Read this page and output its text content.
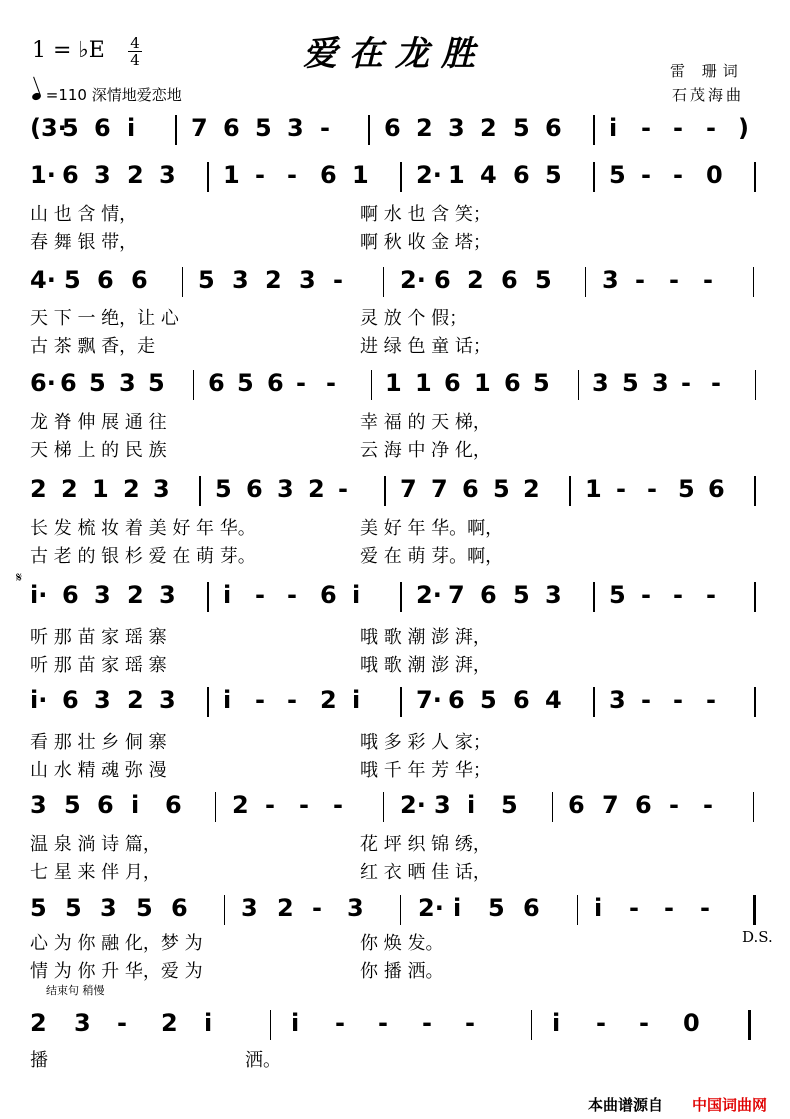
爱在龙胜
1 = ♭E 4
4
=110 深情地爱恋地
雷 珊词
石茂海曲
(3·
5 6 i 7 6 5 3 - 6 2 3 2 5 6 i - - - )
1· 6 3 2 3 1 - - 6 1 2· 1 4 6 5 5 - - 0
4· 5 6 6 5 3 2 3 - 2· 6 2 6 5 3 - - -
6· 6 5 3 5 6 5 6 - - 1 1 6 1 6 5 3 5 3 - -
2 2 1 2 3 5 6 3 2 - 7 7 6 5 2 1 - - 5 6
i· 6 3 2 3 i - - 6 i 2· 7 6 5 3 5 - - -
i· 6 3 2 3 i - - 2 i 7· 6 5 6 4 3 - - -
3 5 6 i 6 2 - - - 2· 3 i 5 6 7 6 - -
5 5 3 5 6 3 2 - 3 2· i 5 6 i - - -
2 3 - 2 i	i - - - -	i - - 0
山 也 含 情，	啊 水 也 含 笑；
春 舞 银 带，	啊 秋 收 金 塔；
天 下 一 绝，让 心	灵 放 个 假；
古 茶 飘 香，走	进 绿 色 童 话；
龙 脊 伸 展 通 往	幸 福 的 天 梯，
天 梯 上 的 民 族	云 海 中 净 化，
长 发 梳 妆 着 美 好 年 华。	美 好 年 华。啊，
古 老 的 银 杉 爱 在 萌 芽。	爱 在 萌 芽。啊，
听 那 苗 家 瑶 寨	哦 歌 潮 澎 湃，
听 那 苗 家 瑶 寨	哦 歌 潮 澎 湃，
看 那 壮 乡 侗 寨	哦 多 彩 人 家；
山 水 精 魂 弥 漫	哦 千 年 芳 华；
温 泉 淌 诗 篇，	花 坪 织 锦 绣，
七 星 来 伴 月，	红 衣 晒 佳 话，
心 为 你 融 化，梦 为	你 焕 发。
情 为 你 升 华，爱 为	你 播 洒。
播	洒。
𝄋
D.S.
结束句 稍慢
本曲谱源自 中国词曲网
